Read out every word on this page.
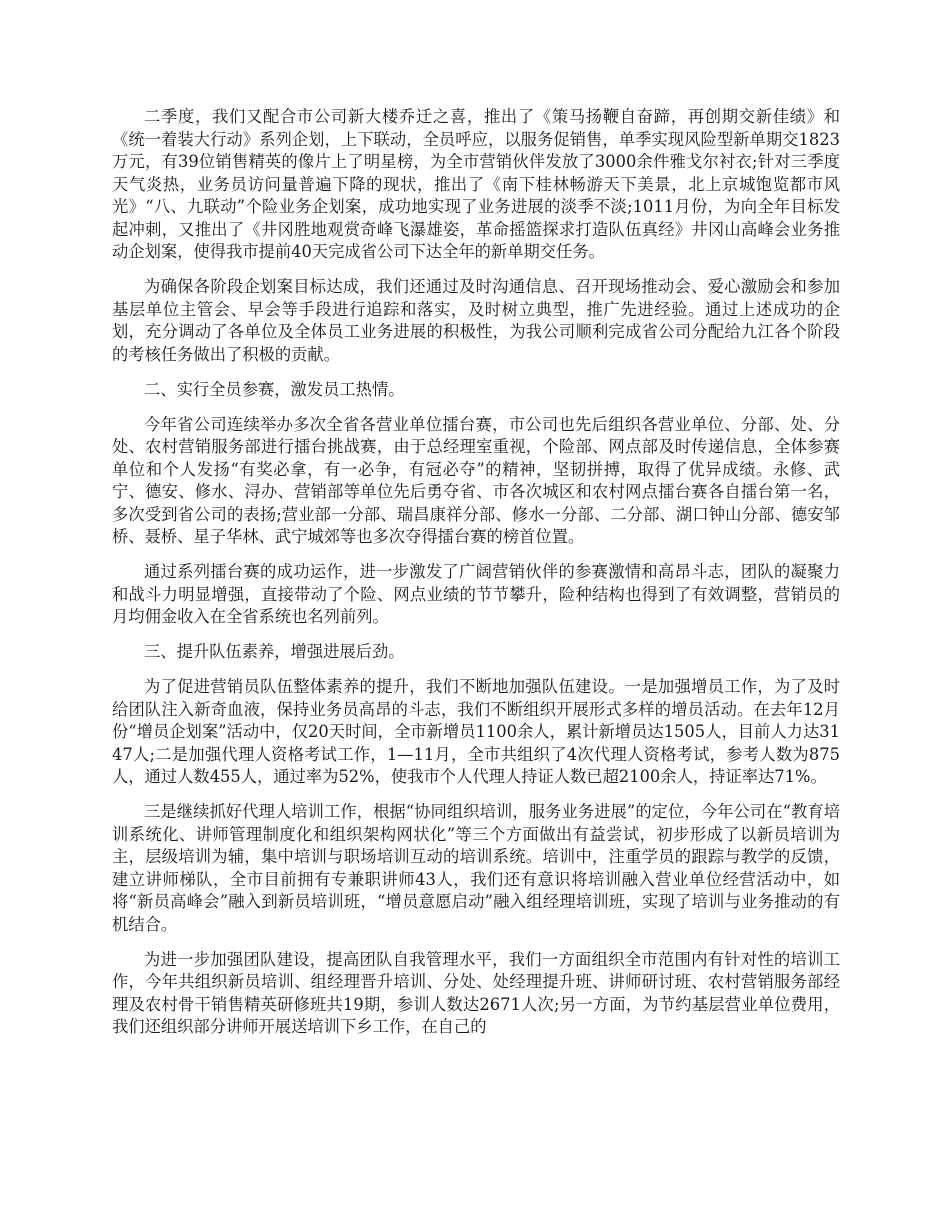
二季度，我们又配合市公司新大楼乔迁之喜，推出了《策马扬鞭自奋蹄，再创期交新佳绩》和《统一着装大行动》系列企划，上下联动，全员呼应，以服务促销售，单季实现风险型新单期交1823万元，有39位销售精英的像片上了明星榜，为全市营销伙伴发放了3000余件雅戈尔衬衣;针对三季度天气炎热，业务员访问量普遍下降的现状，推出了《南下桂林畅游天下美景，北上京城饱览都市风光》“八、九联动”个险业务企划案，成功地实现了业务进展的淡季不淡;1011月份，为向全年目标发起冲刺，又推出了《井冈胜地观赏奇峰飞瀑雄姿，革命摇篮探求打造队伍真经》井冈山高峰会业务推动企划案，使得我市提前40天完成省公司下达全年的新单期交任务。

为确保各阶段企划案目标达成，我们还通过及时沟通信息、召开现场推动会、爱心激励会和参加基层单位主管会、早会等手段进行追踪和落实，及时树立典型，推广先进经验。通过上述成功的企划，充分调动了各单位及全体员工业务进展的积极性，为我公司顺利完成省公司分配给九江各个阶段的考核任务做出了积极的贡献。

二、实行全员参赛，激发员工热情。

今年省公司连续举办多次全省各营业单位擂台赛，市公司也先后组织各营业单位、分部、处、分处、农村营销服务部进行擂台挑战赛，由于总经理室重视，个险部、网点部及时传递信息，全体参赛单位和个人发扬“有奖必拿，有一必争，有冠必夺”的精神，坚韧拼搏，取得了优异成绩。永修、武宁、德安、修水、浔办、营销部等单位先后勇夺省、市各次城区和农村网点擂台赛各自擂台第一名，多次受到省公司的表扬;营业部一分部、瑞昌康祥分部、修水一分部、二分部、湖口钟山分部、德安邹桥、聂桥、星子华林、武宁城郊等也多次夺得擂台赛的榜首位置。

通过系列擂台赛的成功运作，进一步激发了广阔营销伙伴的参赛激情和高昂斗志，团队的凝聚力和战斗力明显增强，直接带动了个险、网点业绩的节节攀升，险种结构也得到了有效调整，营销员的月均佣金收入在全省系统也名列前列。

三、提升队伍素养，增强进展后劲。

为了促进营销员队伍整体素养的提升，我们不断地加强队伍建设。一是加强增员工作，为了及时给团队注入新奇血液，保持业务员高昂的斗志，我们不断组织开展形式多样的增员活动。在去年12月份“增员企划案”活动中，仅20天时间，全市新增员1100余人，累计新增员达1505人，目前人力达3147人;二是加强代理人资格考试工作，1—11月，全市共组织了4次代理人资格考试，参考人数为875人，通过人数455人，通过率为52%，使我市个人代理人持证人数已超2100余人，持证率达71%。

三是继续抓好代理人培训工作，根据“协同组织培训，服务业务进展”的定位，今年公司在“教育培训系统化、讲师管理制度化和组织架构网状化”等三个方面做出有益尝试，初步形成了以新员培训为主，层级培训为辅，集中培训与职场培训互动的培训系统。培训中，注重学员的跟踪与教学的反馈，建立讲师梯队，全市目前拥有专兼职讲师43人，我们还有意识将培训融入营业单位经营活动中，如将“新员高峰会”融入到新员培训班，“增员意愿启动”融入组经理培训班，实现了培训与业务推动的有机结合。

为进一步加强团队建设，提高团队自我管理水平，我们一方面组织全市范围内有针对性的培训工作，今年共组织新员培训、组经理晋升培训、分处、处经理提升班、讲师研讨班、农村营销服务部经理及农村骨干销售精英研修班共19期，参训人数达2671人次;另一方面，为节约基层营业单位费用，我们还组织部分讲师开展送培训下乡工作，在自己的
